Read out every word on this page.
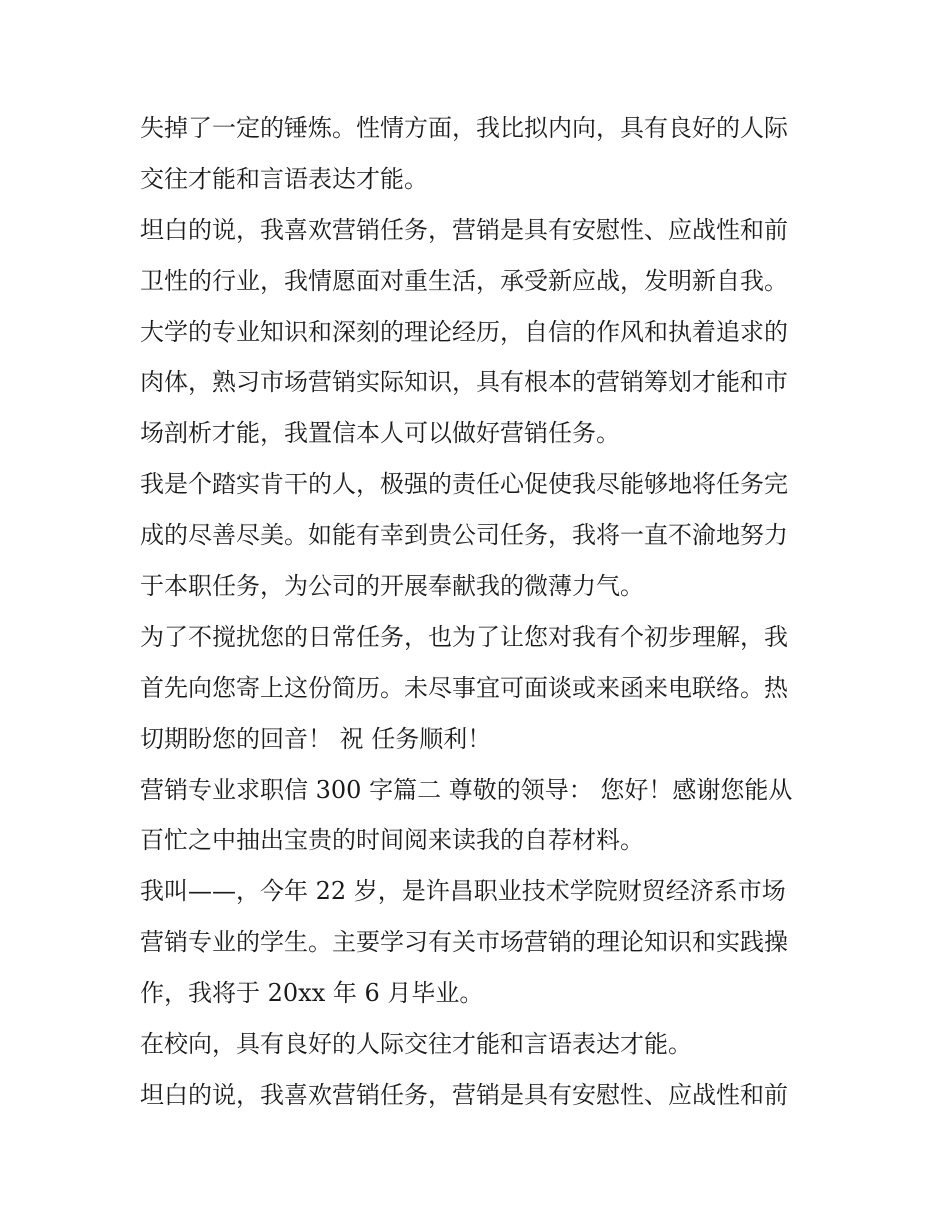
失掉了一定的锤炼。性情方面，我比拟内向，具有良好的人际
交往才能和言语表达才能。
坦白的说，我喜欢营销任务，营销是具有安慰性、应战性和前
卫性的行业，我情愿面对重生活，承受新应战，发明新自我。
大学的专业知识和深刻的理论经历，自信的作风和执着追求的
肉体，熟习市场营销实际知识，具有根本的营销筹划才能和市
场剖析才能，我置信本人可以做好营销任务。
我是个踏实肯干的人，极强的责任心促使我尽能够地将任务完
成的尽善尽美。如能有幸到贵公司任务，我将一直不渝地努力
于本职任务，为公司的开展奉献我的微薄力气。
为了不搅扰您的日常任务，也为了让您对我有个初步理解，我
首先向您寄上这份简历。未尽事宜可面谈或来函来电联络。热
切期盼您的回音！ 祝 任务顺利！
营销专业求职信 300 字篇二 尊敬的领导： 您好！感谢您能从
百忙之中抽出宝贵的时间阅来读我的自荐材料。
我叫——，今年 22 岁，是许昌职业技术学院财贸经济系市场
营销专业的学生。主要学习有关市场营销的理论知识和实践操
作，我将于 20xx 年 6 月毕业。
在校向，具有良好的人际交往才能和言语表达才能。
坦白的说，我喜欢营销任务，营销是具有安慰性、应战性和前
